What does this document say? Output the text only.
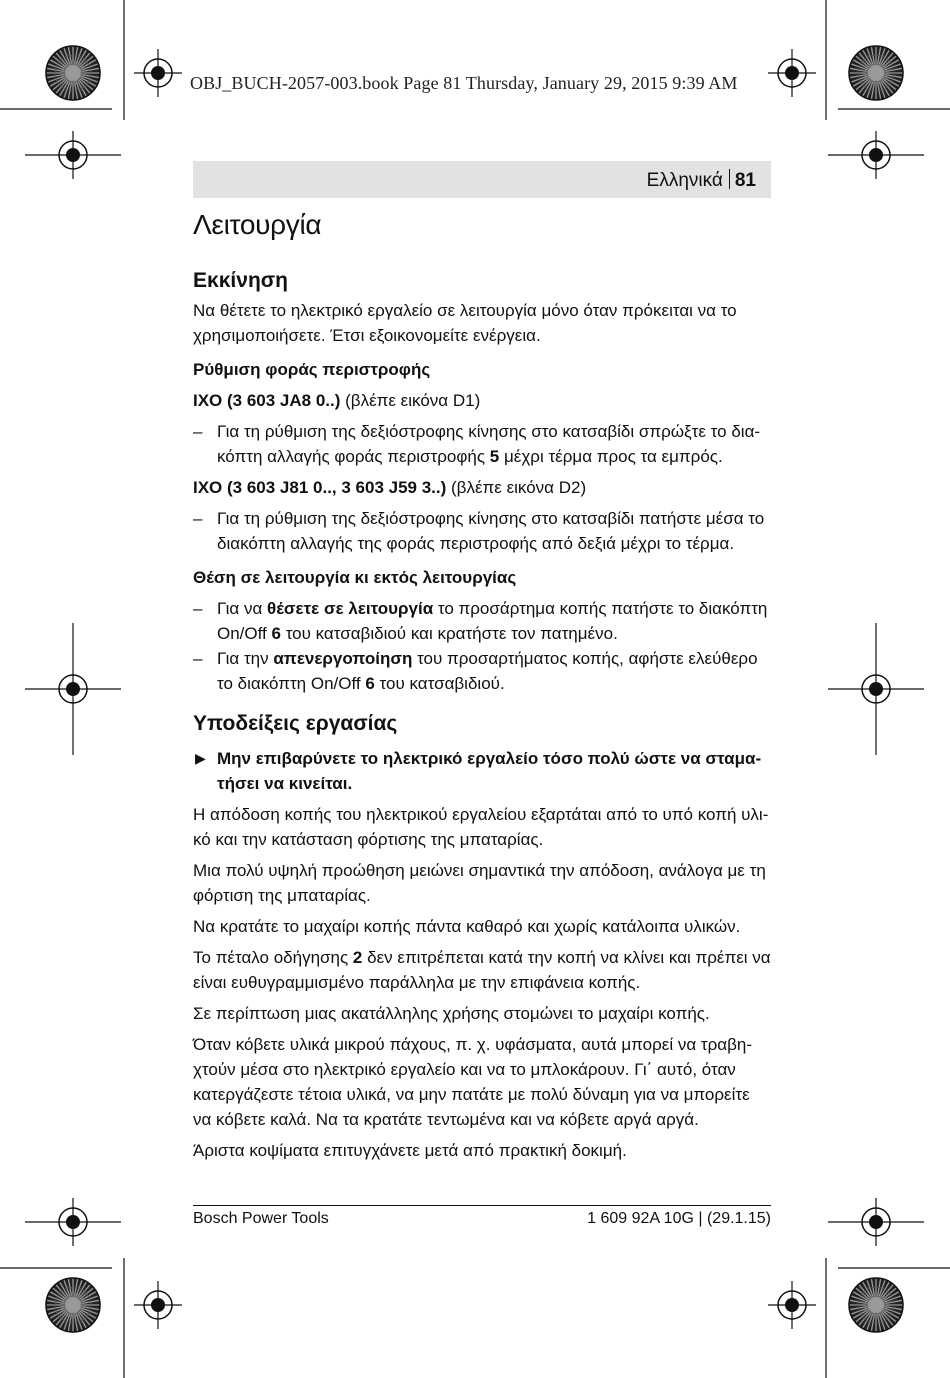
OBJ_BUCH-2057-003.book Page 81 Thursday, January 29, 2015 9:39 AM
Ελληνικά 81

Λειτουργία

Εκκίνηση

Να θέτετε το ηλεκτρικό εργαλείο σε λειτουργία μόνο όταν πρόκειται να το χρησιμοποιήσετε. Έτσι εξοικονομείτε ενέργεια.

Ρύθμιση φοράς περιστροφής

IXO (3 603 JA8 0..) (βλέπε εικόνα D1)

– Για τη ρύθμιση της δεξιόστροφης κίνησης στο κατσαβίδι σπρώξτε το διακόπτη αλλαγής φοράς περιστροφής 5 μέχρι τέρμα προς τα εμπρός.

IXO (3 603 J81 0.., 3 603 J59 3..) (βλέπε εικόνα D2)

– Για τη ρύθμιση της δεξιόστροφης κίνησης στο κατσαβίδι πατήστε μέσα το διακόπτη αλλαγής της φοράς περιστροφής από δεξιά μέχρι το τέρμα.

Θέση σε λειτουργία κι εκτός λειτουργίας

– Για να θέσετε σε λειτουργία το προσάρτημα κοπής πατήστε το διακόπτη On/Off 6 του κατσαβιδιού και κρατήστε τον πατημένο.

– Για την απενεργοποίηση του προσαρτήματος κοπής, αφήστε ελεύθερο το διακόπτη On/Off 6 του κατσαβιδιού.

Υποδείξεις εργασίας

▶ Μην επιβαρύνετε το ηλεκτρικό εργαλείο τόσο πολύ ώστε να σταματήσει να κινείται.

Η απόδοση κοπής του ηλεκτρικού εργαλείου εξαρτάται από το υπό κοπή υλικό και την κατάσταση φόρτισης της μπαταρίας.

Μια πολύ υψηλή προώθηση μειώνει σημαντικά την απόδοση, ανάλογα με τη φόρτιση της μπαταρίας.

Να κρατάτε το μαχαίρι κοπής πάντα καθαρό και χωρίς κατάλοιπα υλικών.

Το πέταλο οδήγησης 2 δεν επιτρέπεται κατά την κοπή να κλίνει και πρέπει να είναι ευθυγραμμισμένο παράλληλα με την επιφάνεια κοπής.

Σε περίπτωση μιας ακατάλληλης χρήσης στομώνει το μαχαίρι κοπής.

Όταν κόβετε υλικά μικρού πάχους, π. χ. υφάσματα, αυτά μπορεί να τραβηχτούν μέσα στο ηλεκτρικό εργαλείο και να το μπλοκάρουν. Γι΄ αυτό, όταν κατεργάζεστε τέτοια υλικά, να μην πατάτε με πολύ δύναμη για να μπορείτε να κόβετε καλά. Να τα κρατάτε τεντωμένα και να κόβετε αργά αργά.

Άριστα κοψίματα επιτυγχάνετε μετά από πρακτική δοκιμή.

Bosch Power Tools	1 609 92A 10G | (29.1.15)
